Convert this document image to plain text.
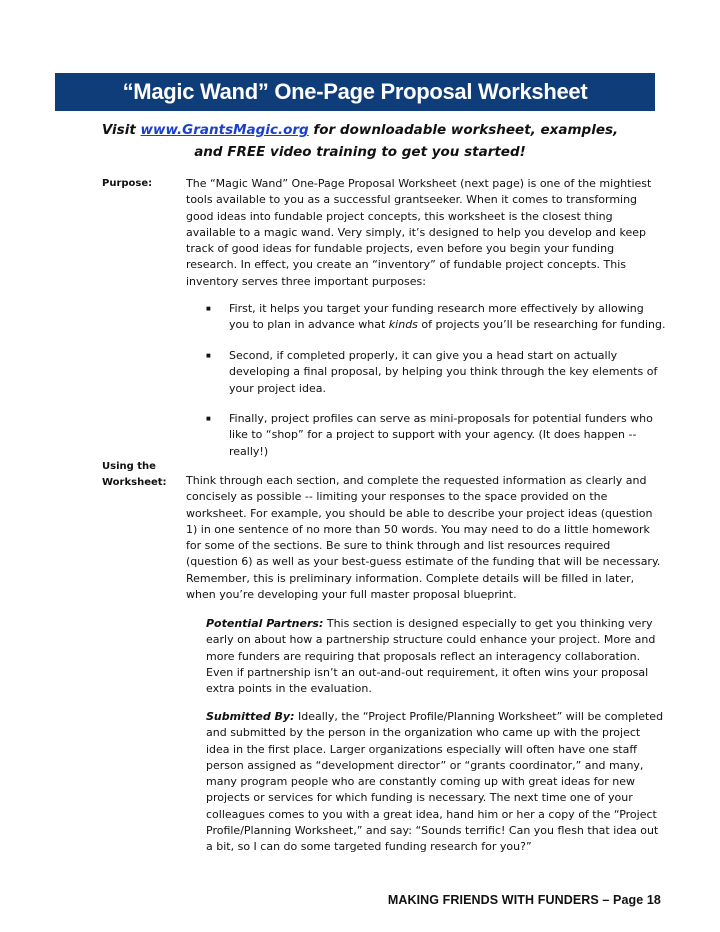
“Magic Wand” One-Page Proposal Worksheet
Visit www.GrantsMagic.org for downloadable worksheet, examples,
and FREE video training to get you started!
Purpose:	The “Magic Wand” One-Page Proposal Worksheet (next page) is one of the mightiest tools available to you as a successful grantseeker. When it comes to transforming good ideas into fundable project concepts, this worksheet is the closest thing available to a magic wand. Very simply, it’s designed to help you develop and keep track of good ideas for fundable projects, even before you begin your funding research. In effect, you create an “inventory” of fundable project concepts. This inventory serves three important purposes:
■ First, it helps you target your funding research more effectively by allowing you to plan in advance what kinds of projects you’ll be researching for funding.
■ Second, if completed properly, it can give you a head start on actually developing a final proposal, by helping you think through the key elements of your project idea.
■ Finally, project profiles can serve as mini-proposals for potential funders who like to “shop” for a project to support with your agency. (It does happen -- really!)
Using the
Worksheet: Think through each section, and complete the requested information as clearly and concisely as possible -- limiting your responses to the space provided on the worksheet. For example, you should be able to describe your project ideas (question 1) in one sentence of no more than 50 words. You may need to do a little homework for some of the sections. Be sure to think through and list resources required (question 6) as well as your best-guess estimate of the funding that will be necessary. Remember, this is preliminary information. Complete details will be filled in later, when you’re developing your full master proposal blueprint.
Potential Partners: This section is designed especially to get you thinking very early on about how a partnership structure could enhance your project. More and more funders are requiring that proposals reflect an interagency collaboration. Even if partnership isn’t an out-and-out requirement, it often wins your proposal extra points in the evaluation.
Submitted By: Ideally, the “Project Profile/Planning Worksheet” will be completed and submitted by the person in the organization who came up with the project idea in the first place. Larger organizations especially will often have one staff person assigned as “development director” or “grants coordinator,” and many, many program people who are constantly coming up with great ideas for new projects or services for which funding is necessary. The next time one of your colleagues comes to you with a great idea, hand him or her a copy of the “Project Profile/Planning Worksheet,” and say: “Sounds terrific! Can you flesh that idea out a bit, so I can do some targeted funding research for you?”
MAKING FRIENDS WITH FUNDERS – Page 18
